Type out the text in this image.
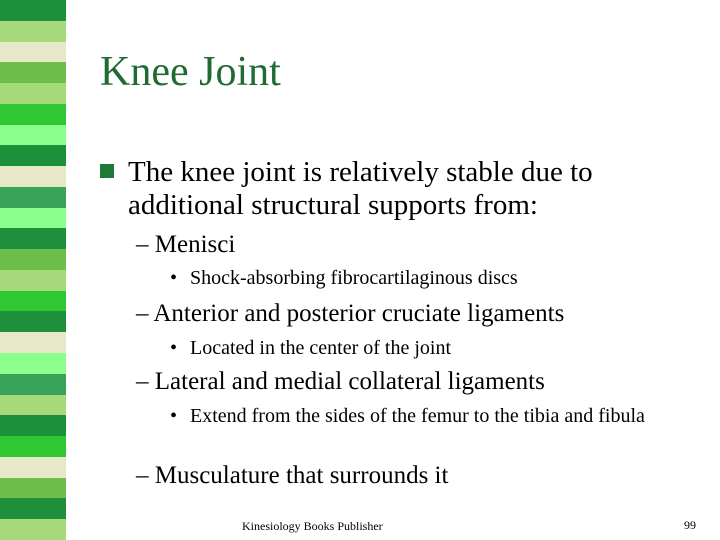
Knee Joint
The knee joint is relatively stable due to additional structural supports from:
– Menisci
• Shock-absorbing fibrocartilaginous discs
– Anterior and posterior cruciate ligaments
• Located in the center of the joint
– Lateral and medial collateral ligaments
• Extend from the sides of the femur to the tibia and fibula
– Musculature that surrounds it
Kinesiology Books Publisher	99
